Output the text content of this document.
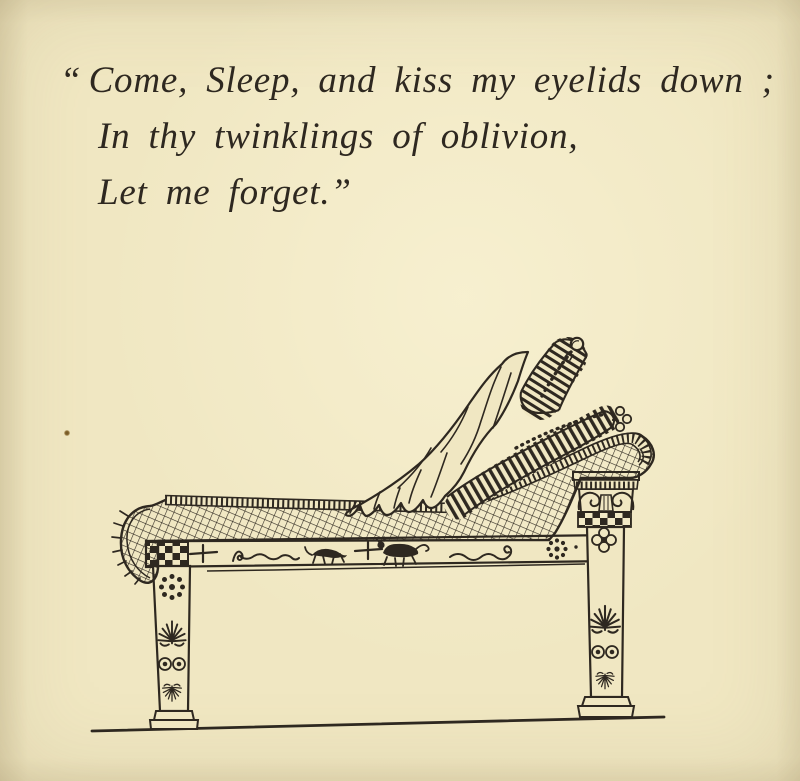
“ Come, Sleep, and kiss my eyelids down ;
In thy twinklings of oblivion,
Let me forget.”
